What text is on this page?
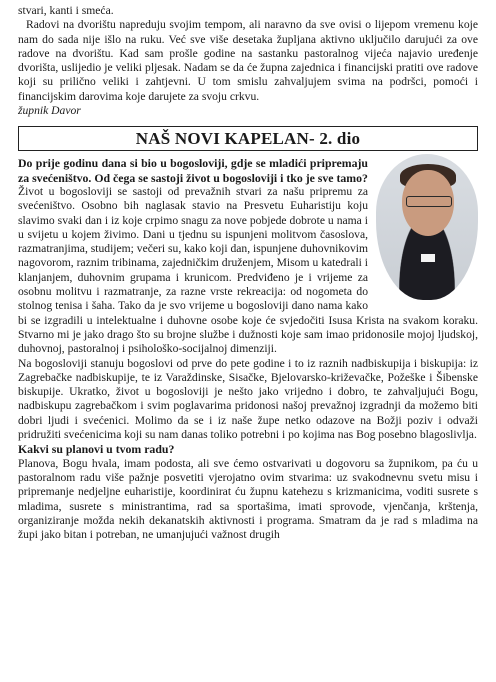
stvari, kanti i smeća.

Radovi na dvorištu napreduju svojim tempom, ali naravno da sve ovisi o lijepom vremenu koje nam do sada nije išlo na ruku. Već sve više desetaka župljana aktivno uključilo darujući za ove radove na dvorištu. Kad sam prošle godine na sastanku pastoralnog vijeća najavio uređenje dvorišta, uslijedio je veliki pljesak. Nadam se da će župna zajednica i financijski pratiti ove radove koji su prilično veliki i zahtjevni. U tom smislu zahvaljujem svima na podršci, pomoći i financijskim darovima koje darujete za svoju crkvu.

župnik Davor

NAŠ NOVI KAPELAN- 2. dio

Do prije godinu dana si bio u bogosloviji, gdje se mladići pripremaju za svećeništvo. Od čega se sastoji život u bogosloviji i tko je sve tamo?

Život u bogosloviji se sastoji od prevažnih stvari za našu pripremu za svećeništvo. Osobno bih naglasak stavio na Presvetu Euharistiju koju slavimo svaki dan i iz koje crpimo snagu za nove pobjede dobrote u nama i u svijetu u kojem živimo. Dani u tjednu su ispunjeni molitvom časoslova, razmatranjima, studijem; večeri su, kako koji dan, ispunjene duhovnikovim nagovorom, raznim tribinama, zajedničkim druženjem, Misom u katedrali i klanjanjem, duhovnim grupama i krunicom. Predviđeno je i vrijeme za osobnu molitvu i razmatranje, za razne vrste rekreacija: od nogometa do stolnog tenisa i šaha. Tako da je svo vrijeme u bogosloviji dano nama kako bi se izgradili u intelektualne i duhovne osobe koje će svjedočiti Isusa Krista na svakom koraku. Stvarno mi je jako drago što su brojne službe i dužnosti koje sam imao pridonosile mojoj ljudskoj, duhovnoj, pastoralnoj i psihološko-socijalnoj dimenziji.

Na bogosloviji stanuju bogoslovi od prve do pete godine i to iz raznih nadbiskupija i biskupija: iz Zagrebačke nadbiskupije, te iz Varaždinske, Sisačke, Bjelovarsko-križevačke, Požeške i Šibenske biskupije. Ukratko, život u bogosloviji je nešto jako vrijedno i dobro, te zahvaljujući Bogu, nadbiskupu zagrebačkom i svim poglavarima pridonosi našoj prevažnoj izgradnji da možemo biti dobri ljudi i svećenici. Molimo da se i iz naše župe netko odazove na Božji poziv i odvaži pridružiti svećenicima koji su nam danas toliko potrebni i po kojima nas Bog posebno blagoslivlja.

Kakvi su planovi u tvom radu?

Planova, Bogu hvala, imam podosta, ali sve ćemo ostvarivati u dogovoru sa župnikom, pa ću u pastoralnom radu više pažnje posvetiti vjerojatno ovim stvarima: uz svakodnevnu svetu misu i pripremanje nedjeljne euharistije, koordinirat ću župnu katehezu s krizmanicima, voditi susrete s mladima, susrete s ministrantima, rad sa sportašima, imati sprovode, vjenčanja, krštenja, organiziranje možda nekih dekanatskih aktivnosti i programa. Smatram da je rad s mladima na župi jako bitan i potreban, ne umanjujući važnost drugih
